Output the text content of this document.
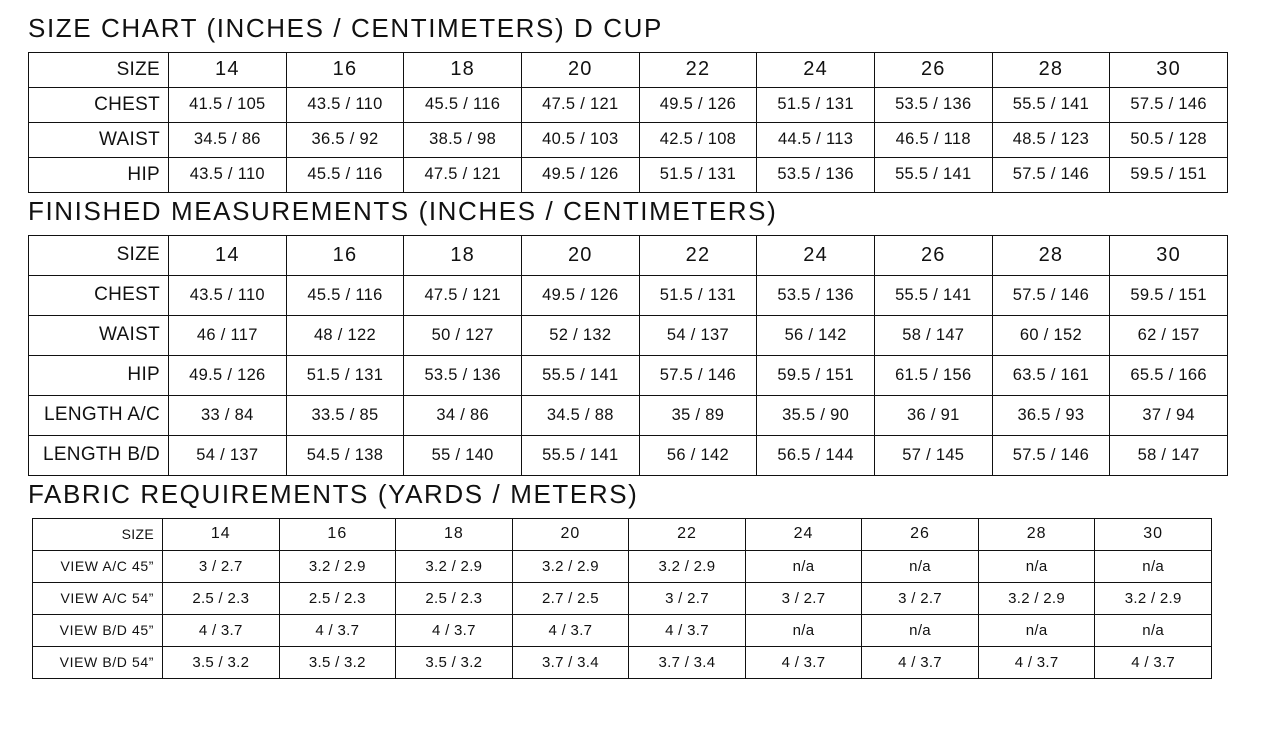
SIZE CHART (INCHES / CENTIMETERS) D CUP
SIZE	14	16	18	20	22	24	26	28	30
CHEST	41.5 / 105	43.5 / 110	45.5 / 116	47.5 / 121	49.5 / 126	51.5 / 131	53.5 / 136	55.5 / 141	57.5 / 146
WAIST	34.5 / 86	36.5 / 92	38.5 / 98	40.5 / 103	42.5 / 108	44.5 / 113	46.5 / 118	48.5 / 123	50.5 / 128
HIP	43.5 / 110	45.5 / 116	47.5 / 121	49.5 / 126	51.5 / 131	53.5 / 136	55.5 / 141	57.5 / 146	59.5 / 151
FINISHED MEASUREMENTS (INCHES / CENTIMETERS)
SIZE	14	16	18	20	22	24	26	28	30
CHEST	43.5 / 110	45.5 / 116	47.5 / 121	49.5 / 126	51.5 / 131	53.5 / 136	55.5 / 141	57.5 / 146	59.5 / 151
WAIST	46 / 117	48 / 122	50 / 127	52 / 132	54 / 137	56 / 142	58 / 147	60 / 152	62 / 157
HIP	49.5 / 126	51.5 / 131	53.5 / 136	55.5 / 141	57.5 / 146	59.5 / 151	61.5 / 156	63.5 / 161	65.5 / 166
LENGTH A/C	33 / 84	33.5 / 85	34 / 86	34.5 / 88	35 / 89	35.5 / 90	36 / 91	36.5 / 93	37 / 94
LENGTH B/D	54 / 137	54.5 / 138	55 / 140	55.5 / 141	56 / 142	56.5 / 144	57 / 145	57.5 / 146	58 / 147
FABRIC REQUIREMENTS (YARDS / METERS)
SIZE	14	16	18	20	22	24	26	28	30
VIEW A/C 45”	3 / 2.7	3.2 / 2.9	3.2 / 2.9	3.2 / 2.9	3.2 / 2.9	n/a	n/a	n/a	n/a
VIEW A/C 54”	2.5 / 2.3	2.5 / 2.3	2.5 / 2.3	2.7 / 2.5	3 / 2.7	3 / 2.7	3 / 2.7	3.2 / 2.9	3.2 / 2.9
VIEW B/D 45”	4 / 3.7	4 / 3.7	4 / 3.7	4 / 3.7	4 / 3.7	n/a	n/a	n/a	n/a
VIEW B/D 54”	3.5 / 3.2	3.5 / 3.2	3.5 / 3.2	3.7 / 3.4	3.7 / 3.4	4 / 3.7	4 / 3.7	4 / 3.7	4 / 3.7
